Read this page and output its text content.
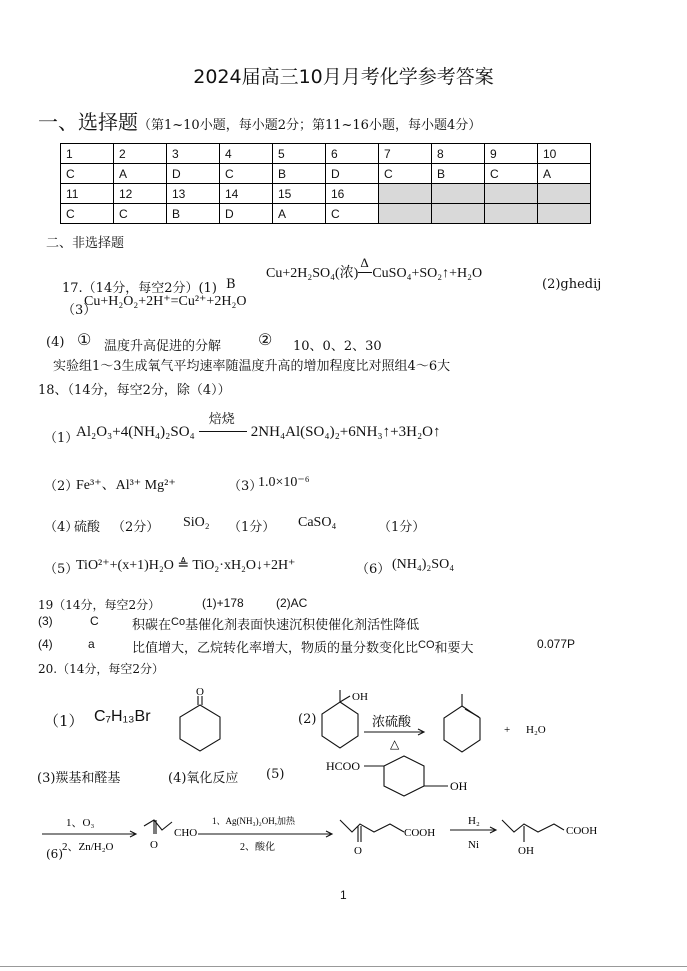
2024届高三10月月考化学参考答案
一、选择题（第1~10小题，每小题2分；第11~16小题，每小题4分）
1	2	3	4	5	6	7	8	9	10
C	A	D	C	B	D	C	B	C	A
11	12	13	14	15	16				
C	C	B	D	A	C				
二、非选择题
17.（14分，每空2分）(1) B
Cu+2H₂SO₄(浓)
Δ
CuSO₄+SO₂↑+H₂O
(2)ghedij
（3）
Cu+H₂O₂+2H⁺=Cu²⁺+2H₂O
(4) ① 温度升高促进的分解 ② 10、0、2、30
实验组1～3生成氧气平均速率随温度升高的增加程度比对照组4～6大
18、（14分，每空2分，除（4））
（1）
Al₂O₃+4(NH₄)₂SO₄
焙烧
2NH₄Al(SO₄)₂+6NH₃↑+3H₂O↑
（2）
Fe³⁺、Al³⁺ Mg²⁺	（3）
1.0×10⁻⁶
（4）
硫酸 （2分） SiO₂ （1分） CaSO₄	（1分）
（5）
TiO²⁺+(x+1)H₂O ≜ TiO₂·xH₂O↓+2H⁺	（6） (NH₄)₂SO₄
19（14分，每空2分）	(1)+178	(2)AC
(3)	C	积碳在$^{Co}$基催化剂表面快速沉积使催化剂活性降低
(4)	a	比值增大，乙烷转化率增大，物质的量分数变化比$^{CO}$和要大	0.077P
20.（14分，每空2分）
（1） C₇H₁₃Br
O
(2)
OH
浓硫酸
△
+ H₂O
(3)羰基和醛基	(4)氧化反应 (5)
HCOO
OH
(6)
1、O₃
2、Zn/H₂O	O
CHO
1、Ag(NH₃)₂OH,加热
2、酸化	O
COOH
H₂
Ni	OH
COOH
1
